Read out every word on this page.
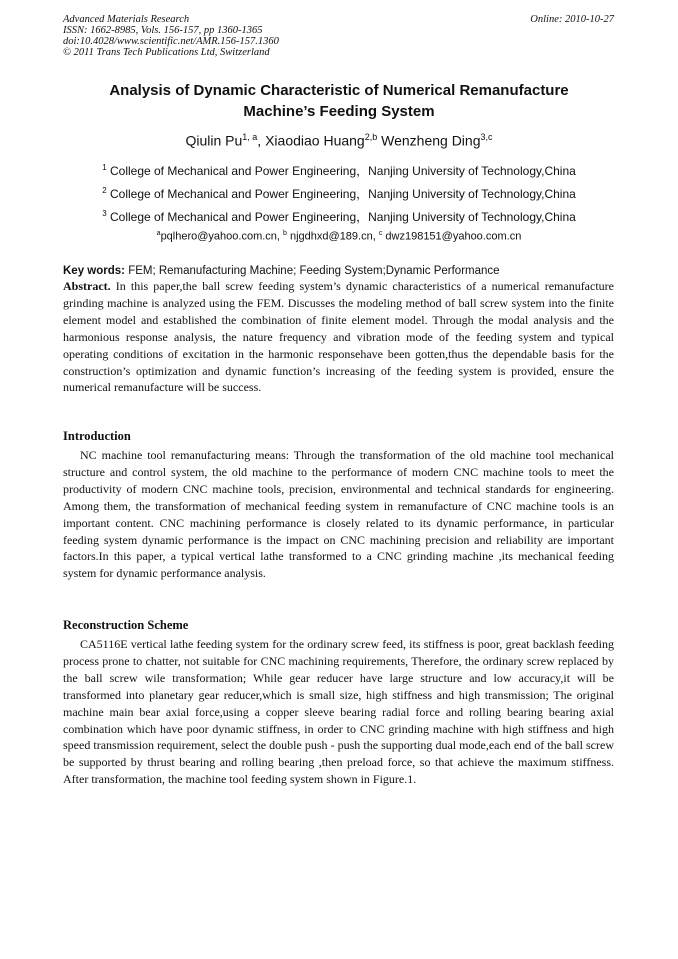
Advanced Materials Research
ISSN: 1662-8985, Vols. 156-157, pp 1360-1365
doi:10.4028/www.scientific.net/AMR.156-157.1360
© 2011 Trans Tech Publications Ltd, Switzerland
Online: 2010-10-27
Analysis of Dynamic Characteristic of Numerical Remanufacture
Machine’s Feeding System
Qiulin Pu$^{1, a}$, Xiaodiao Huang$^{2,b}$ Wenzheng Ding$^{3,c}$
$^1$ College of Mechanical and Power Engineering，Nanjing University of Technology,China
$^2$ College of Mechanical and Power Engineering，Nanjing University of Technology,China
$^3$ College of Mechanical and Power Engineering，Nanjing University of Technology,China
$^a$pqlhero@yahoo.com.cn, $^b$ njgdhxd@189.cn, $^c$ dwz198151@yahoo.com.cn
Key words: FEM; Remanufacturing Machine; Feeding System;Dynamic Performance
Abstract. In this paper,the ball screw feeding system’s dynamic characteristics of a numerical remanufacture grinding machine is analyzed using the FEM. Discusses the modeling method of ball screw system into the finite element model and established the combination of finite element model. Through the modal analysis and the harmonious response analysis, the nature frequency and vibration mode of the feeding system and typical operating conditions of excitation in the harmonic responsehave been gotten,thus the dependable basis for the construction’s optimization and dynamic function’s increasing of the feeding system is provided, ensure the numerical remanufacture will be success.
Introduction
NC machine tool remanufacturing means: Through the transformation of the old machine tool mechanical structure and control system, the old machine to the performance of modern CNC machine tools to meet the productivity of modern CNC machine tools, precision, environmental and technical standards for engineering. Among them, the transformation of mechanical feeding system in remanufacture of CNC machine tools is an important content. CNC machining performance is closely related to its dynamic performance, in particular feeding system dynamic performance is the impact on CNC machining precision and reliability are important factors.In this paper, a typical vertical lathe transformed to a CNC grinding machine ,its mechanical feeding system for dynamic performance analysis.
Reconstruction Scheme
CA5116E vertical lathe feeding system for the ordinary screw feed, its stiffness is poor, great backlash feeding process prone to chatter, not suitable for CNC machining requirements, Therefore, the ordinary screw replaced by the ball screw wile transformation; While gear reducer have large structure and low accuracy,it will be transformed into planetary gear reducer,which is small size, high stiffness and high transmission; The original machine main bear axial force,using a copper sleeve bearing radial force and rolling bearing bearing axial combination which have poor dynamic stiffness, in order to CNC grinding machine with high stiffness and high speed transmission requirement, select the double push - push the supporting dual mode,each end of the ball screw be supported by thrust bearing and rolling bearing ,then preload force, so that achieve the maximum stiffness. After transformation, the machine tool feeding system shown in Figure.1.
